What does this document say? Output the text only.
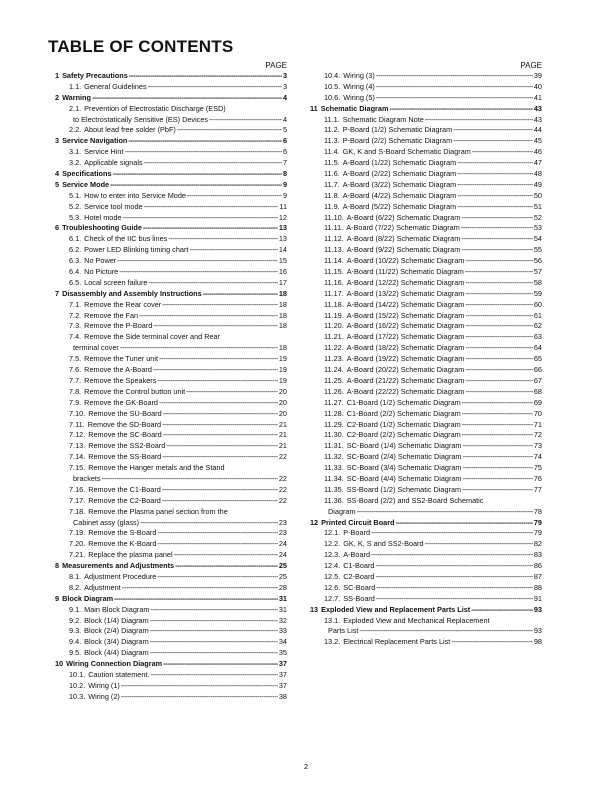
TABLE OF CONTENTS
PAGE
1 Safety Precautions -----	3
1.1. General Guidelines -----	3
2 Warning -----	4
2.1. Prevention of Electrostatic Discharge (ESD)
to Electrostatically Sensitive (ES) Devices -----	4
2.2. About lead free solder (PbF) -----	5
3 Service Navigation -----	6
3.1. Service Hint -----	6
3.2. Applicable signals -----	7
4 Specifications -----	8
5 Service Mode -----	9
5.1. How to enter into Service Mode -----	9
5.2. Service tool mode -----	11
5.3. Hotel mode -----	12
6 Troubleshooting Guide -----	13
6.1. Check of the IIC bus lines -----	13
6.2. Power LED Blinking timing chart -----	14
6.3. No Power -----	15
6.4. No Picture -----	16
6.5. Local screen failure -----	17
7 Disassembly and Assembly Instructions -----	18
7.1. Remove the Rear cover -----	18
7.2. Remove the Fan -----	18
7.3. Remove the P-Board -----	18
7.4. Remove the Side terminal cover and Rear
terminal cover -----	18
7.5. Remove the Tuner unit -----	19
7.6. Remove the A-Board -----	19
7.7. Remove the Speakers -----	19
7.8. Remove the Control button unit -----	20
7.9. Remove the GK-Board -----	20
7.10. Remove the SU-Board -----	20
7.11. Remove the SD-Board -----	21
7.12. Remove the SC-Board -----	21
7.13. Remove the SS2-Board -----	21
7.14. Remove the SS-Board -----	22
7.15. Remove the Hanger metals and the Stand
brackets -----	22
7.16. Remove the C1-Board -----	22
7.17. Remove the C2-Board -----	22
7.18. Remove the Plasma panel section from the
Cabinet assy (glass) -----	23
7.19. Remove the S-Board -----	23
7.20. Remove the K-Board -----	24
7.21. Replace the plasma panel -----	24
8 Measurements and Adjustments -----	25
8.1. Adjustment Procedure -----	25
8.2. Adjustment -----	28
9 Block Diagram -----	31
9.1. Main Block Diagram -----	31
9.2. Block (1/4) Diagram -----	32
9.3. Block (2/4) Diagram -----	33
9.4. Block (3/4) Diagram -----	34
9.5. Block (4/4) Diagram -----	35
10 Wiring Connection Diagram -----	37
10.1. Caution statement. -----	37
10.2. Wiring (1) -----	37
10.3. Wiring (2) -----	38
PAGE
10.4. Wiring (3) -----	39
10.5. Wiring (4) -----	40
10.6. Wiring (5) -----	41
11 Schematic Diagram -----	43
11.1. Schematic Diagram Note -----	43
11.2. P-Board (1/2) Schematic Diagram -----	44
11.3. P-Board (2/2) Schematic Diagram -----	45
11.4. GK, K and S-Board Schematic Diagram -----	46
11.5. A-Board (1/22) Schematic Diagram -----	47
11.6. A-Board (2/22) Schematic Diagram -----	48
11.7. A-Board (3/22) Schematic Diagram -----	49
11.8. A-Board (4/22) Schematic Diagram -----	50
11.9. A-Board (5/22) Schematic Diagram -----	51
11.10. A-Board (6/22) Schematic Diagram -----	52
11.11. A-Board (7/22) Schematic Diagram -----	53
11.12. A-Board (8/22) Schematic Diagram -----	54
11.13. A-Board (9/22) Schematic Diagram -----	55
11.14. A-Board (10/22) Schematic Diagram -----	56
11.15. A-Board (11/22) Schematic Diagram -----	57
11.16. A-Board (12/22) Schematic Diagram -----	58
11.17. A-Board (13/22) Schematic Diagram -----	59
11.18. A-Board (14/22) Schematic Diagram -----	60
11.19. A-Board (15/22) Schematic Diagram -----	61
11.20. A-Board (16/22) Schematic Diagram -----	62
11.21. A-Board (17/22) Schematic Diagram -----	63
11.22. A-Board (18/22) Schematic Diagram -----	64
11.23. A-Board (19/22) Schematic Diagram -----	65
11.24. A-Board (20/22) Schematic Diagram -----	66
11.25. A-Board (21/22) Schematic Diagram -----	67
11.26. A-Board (22/22) Schematic Diagram -----	68
11.27. C1-Board (1/2) Schematic Diagram -----	69
11.28. C1-Board (2/2) Schematic Diagram -----	70
11.29. C2-Board (1/2) Schematic Diagram -----	71
11.30. C2-Board (2/2) Schematic Diagram -----	72
11.31. SC-Board (1/4) Schematic Diagram -----	73
11.32. SC-Board (2/4) Schematic Diagram -----	74
11.33. SC-Board (3/4) Schematic Diagram -----	75
11.34. SC-Board (4/4) Schematic Diagram -----	76
11.35. SS-Board (1/2) Schematic Diagram -----	77
11.36. SS-Board (2/2) and SS2-Board Schematic
Diagram -----	78
12 Printed Circuit Board -----	79
12.1. P-Board -----	79
12.2. GK, K, S and SS2-Board -----	82
12.3. A-Board -----	83
12.4. C1-Board -----	86
12.5. C2-Board -----	87
12.6. SC-Board -----	88
12.7. SS-Board -----	91
13 Exploded View and Replacement Parts List -----	93
13.1. Exploded View and Mechanical Replacement
Parts List -----	93
13.2. Electrical Replacement Parts List -----	98
2
